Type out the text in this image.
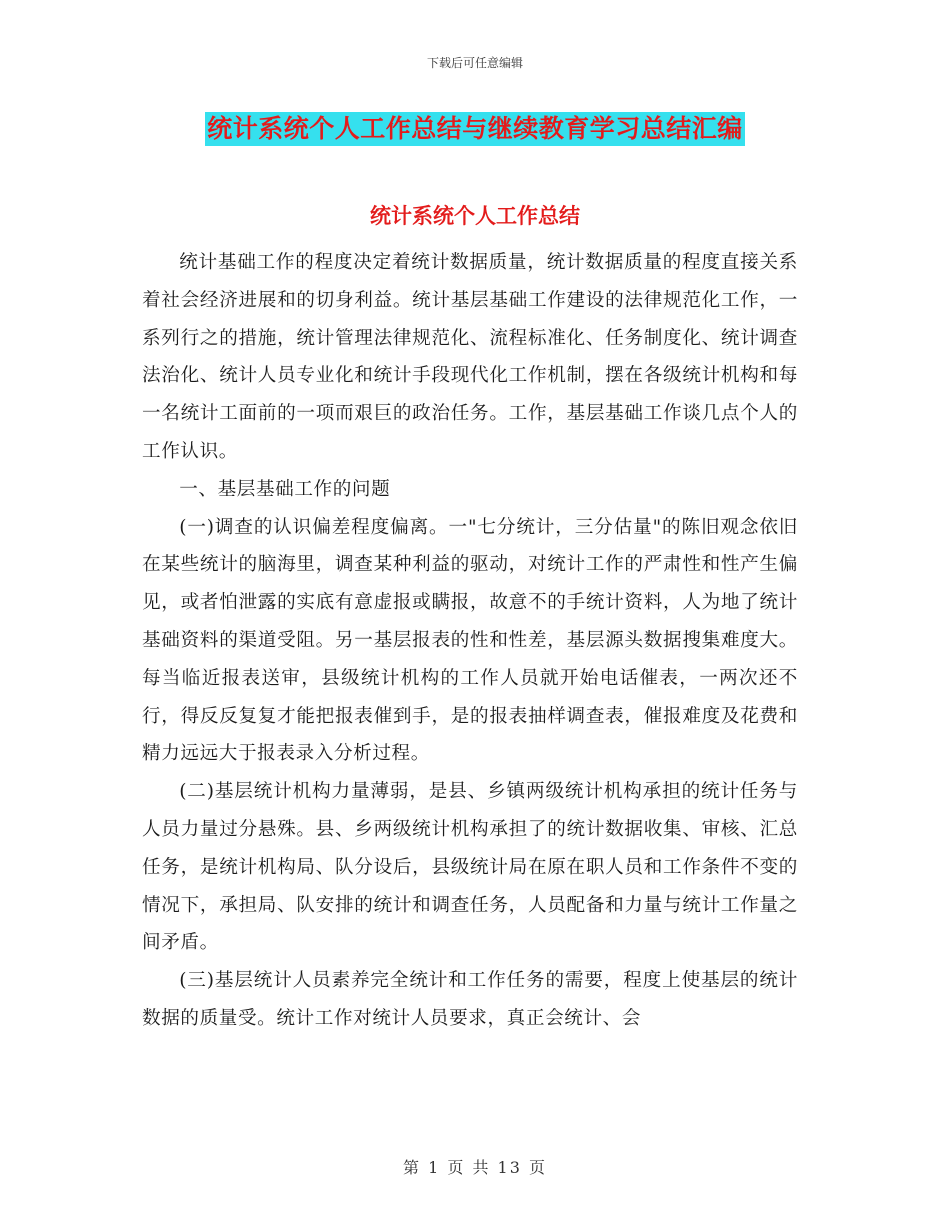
下载后可任意编辑
统计系统个人工作总结与继续教育学习总结汇编
统计系统个人工作总结

统计基础工作的程度决定着统计数据质量，统计数据质量的程度直接关系着社会经济进展和的切身利益。统计基层基础工作建设的法律规范化工作，一系列行之的措施，统计管理法律规范化、流程标准化、任务制度化、统计调查法治化、统计人员专业化和统计手段现代化工作机制，摆在各级统计机构和每一名统计工面前的一项而艰巨的政治任务。工作，基层基础工作谈几点个人的工作认识。

一、基层基础工作的问题

(一)调查的认识偏差程度偏离。一"七分统计，三分估量"的陈旧观念依旧在某些统计的脑海里，调查某种利益的驱动，对统计工作的严肃性和性产生偏见，或者怕泄露的实底有意虚报或瞒报，故意不的手统计资料，人为地了统计基础资料的渠道受阻。另一基层报表的性和性差，基层源头数据搜集难度大。每当临近报表送审，县级统计机构的工作人员就开始电话催表，一两次还不行，得反反复复才能把报表催到手，是的报表抽样调查表，催报难度及花费和精力远远大于报表录入分析过程。

(二)基层统计机构力量薄弱，是县、乡镇两级统计机构承担的统计任务与人员力量过分悬殊。县、乡两级统计机构承担了的统计数据收集、审核、汇总任务，是统计机构局、队分设后，县级统计局在原在职人员和工作条件不变的情况下，承担局、队安排的统计和调查任务，人员配备和力量与统计工作量之间矛盾。

(三)基层统计人员素养完全统计和工作任务的需要，程度上使基层的统计数据的质量受。统计工作对统计人员要求，真正会统计、会

第 1 页 共 13 页
